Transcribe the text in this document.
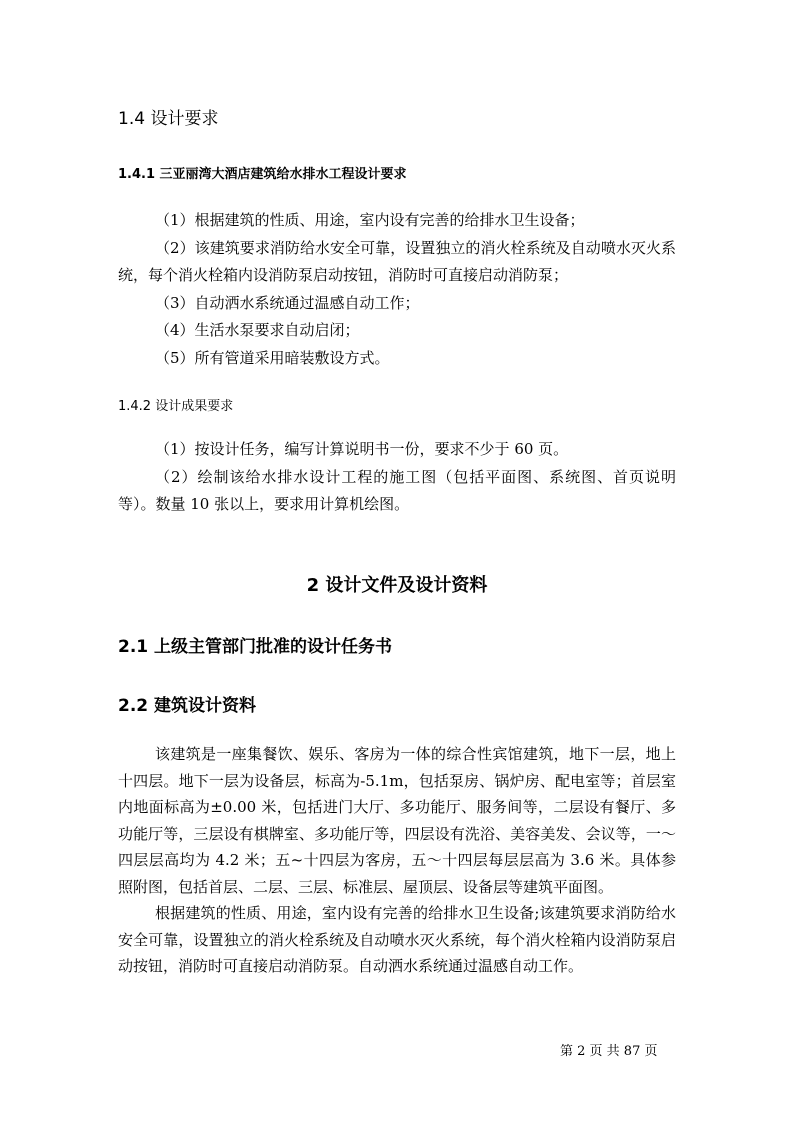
1.4 设计要求
1.4.1 三亚丽湾大酒店建筑给水排水工程设计要求
（1）根据建筑的性质、用途，室内设有完善的给排水卫生设备；
（2）该建筑要求消防给水安全可靠，设置独立的消火栓系统及自动喷水灭火系统，每个消火栓箱内设消防泵启动按钮，消防时可直接启动消防泵；
（3）自动洒水系统通过温感自动工作；
（4）生活水泵要求自动启闭；
（5）所有管道采用暗装敷设方式。
1.4.2 设计成果要求
（1）按设计任务，编写计算说明书一份，要求不少于 60 页。
（2）绘制该给水排水设计工程的施工图（包括平面图、系统图、首页说明等）。数量 10 张以上，要求用计算机绘图。
2 设计文件及设计资料
2.1 上级主管部门批准的设计任务书
2.2 建筑设计资料
该建筑是一座集餐饮、娱乐、客房为一体的综合性宾馆建筑，地下一层，地上十四层。地下一层为设备层，标高为-5.1m，包括泵房、锅炉房、配电室等；首层室内地面标高为±0.00 米，包括进门大厅、多功能厅、服务间等，二层设有餐厅、多功能厅等，三层设有棋牌室、多功能厅等，四层设有洗浴、美容美发、会议等，一～四层层高均为 4.2 米；五~十四层为客房，五～十四层每层层高为 3.6 米。具体参照附图，包括首层、二层、三层、标准层、屋顶层、设备层等建筑平面图。
根据建筑的性质、用途，室内设有完善的给排水卫生设备;该建筑要求消防给水安全可靠，设置独立的消火栓系统及自动喷水灭火系统，每个消火栓箱内设消防泵启动按钮，消防时可直接启动消防泵。自动洒水系统通过温感自动工作。
第 2 页 共 87 页
